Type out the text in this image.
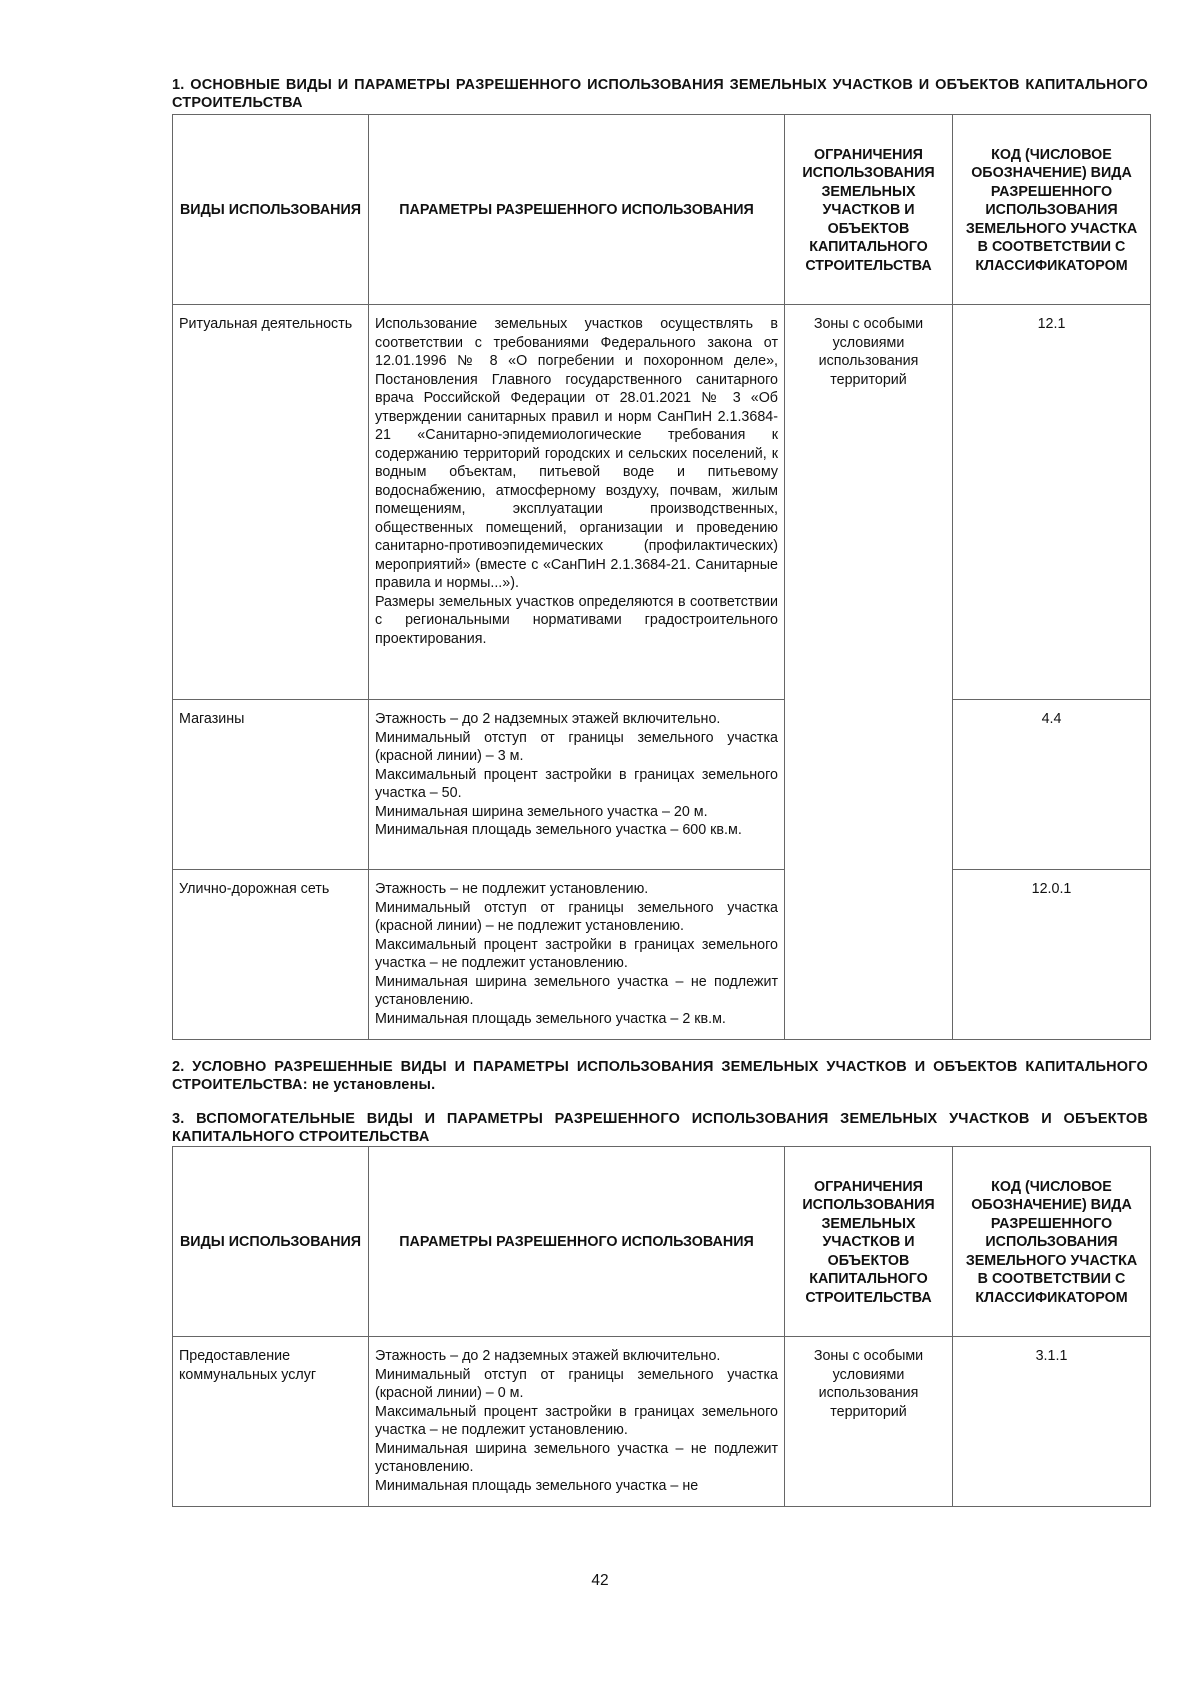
1. ОСНОВНЫЕ ВИДЫ И ПАРАМЕТРЫ РАЗРЕШЕННОГО ИСПОЛЬЗОВАНИЯ ЗЕМЕЛЬНЫХ УЧАСТКОВ И ОБЪЕКТОВ КАПИТАЛЬНОГО СТРОИТЕЛЬСТВА

ВИДЫ ИСПОЛЬЗОВАНИЯ	ПАРАМЕТРЫ РАЗРЕШЕННОГО ИСПОЛЬЗОВАНИЯ	ОГРАНИЧЕНИЯ ИСПОЛЬЗОВАНИЯ ЗЕМЕЛЬНЫХ УЧАСТКОВ И ОБЪЕКТОВ КАПИТАЛЬНОГО СТРОИТЕЛЬСТВА	КОД (ЧИСЛОВОЕ ОБОЗНАЧЕНИЕ) ВИДА РАЗРЕШЕННОГО ИСПОЛЬЗОВАНИЯ ЗЕМЕЛЬНОГО УЧАСТКА В СООТВЕТСТВИИ С КЛАССИФИКАТОРОМ

Ритуальная деятельность	Использование земельных участков осуществлять в соответствии с требованиями Федерального закона от 12.01.1996 № 8 «О погребении и похоронном деле», Постановления Главного государственного санитарного врача Российской Федерации от 28.01.2021 № 3 «Об утверждении санитарных правил и норм СанПиН 2.1.3684-21 «Санитарно-эпидемиологические требования к содержанию территорий городских и сельских поселений, к водным объектам, питьевой воде и питьевому водоснабжению, атмосферному воздуху, почвам, жилым помещениям, эксплуатации производственных, общественных помещений, организации и проведению санитарно-противоэпидемических (профилактических) мероприятий» (вместе с «СанПиН 2.1.3684-21. Санитарные правила и нормы...»).
Размеры земельных участков определяются в соответствии с региональными нормативами градостроительного проектирования.	Зоны с особыми условиями использования территорий	12.1

Магазины	Этажность – до 2 надземных этажей включительно.
Минимальный отступ от границы земельного участка (красной линии) – 3 м.
Максимальный процент застройки в границах земельного участка – 50.
Минимальная ширина земельного участка – 20 м.
Минимальная площадь земельного участка – 600 кв.м.		4.4

Улично-дорожная сеть	Этажность – не подлежит установлению.
Минимальный отступ от границы земельного участка (красной линии) – не подлежит установлению.
Максимальный процент застройки в границах земельного участка – не подлежит установлению.
Минимальная ширина земельного участка – не подлежит установлению.
Минимальная площадь земельного участка – 2 кв.м.		12.0.1

2. УСЛОВНО РАЗРЕШЕННЫЕ ВИДЫ И ПАРАМЕТРЫ ИСПОЛЬЗОВАНИЯ ЗЕМЕЛЬНЫХ УЧАСТКОВ И ОБЪЕКТОВ КАПИТАЛЬНОГО СТРОИТЕЛЬСТВА: не установлены.

3. ВСПОМОГАТЕЛЬНЫЕ ВИДЫ И ПАРАМЕТРЫ РАЗРЕШЕННОГО ИСПОЛЬЗОВАНИЯ ЗЕМЕЛЬНЫХ УЧАСТКОВ И ОБЪЕКТОВ КАПИТАЛЬНОГО СТРОИТЕЛЬСТВА

ВИДЫ ИСПОЛЬЗОВАНИЯ	ПАРАМЕТРЫ РАЗРЕШЕННОГО ИСПОЛЬЗОВАНИЯ	ОГРАНИЧЕНИЯ ИСПОЛЬЗОВАНИЯ ЗЕМЕЛЬНЫХ УЧАСТКОВ И ОБЪЕКТОВ КАПИТАЛЬНОГО СТРОИТЕЛЬСТВА	КОД (ЧИСЛОВОЕ ОБОЗНАЧЕНИЕ) ВИДА РАЗРЕШЕННОГО ИСПОЛЬЗОВАНИЯ ЗЕМЕЛЬНОГО УЧАСТКА В СООТВЕТСТВИИ С КЛАССИФИКАТОРОМ

Предоставление коммунальных услуг	Этажность – до 2 надземных этажей включительно.
Минимальный отступ от границы земельного участка (красной линии) – 0 м.
Максимальный процент застройки в границах земельного участка – не подлежит установлению.
Минимальная ширина земельного участка – не подлежит установлению.
Минимальная площадь земельного участка – не	Зоны с особыми условиями использования территорий	3.1.1
42
